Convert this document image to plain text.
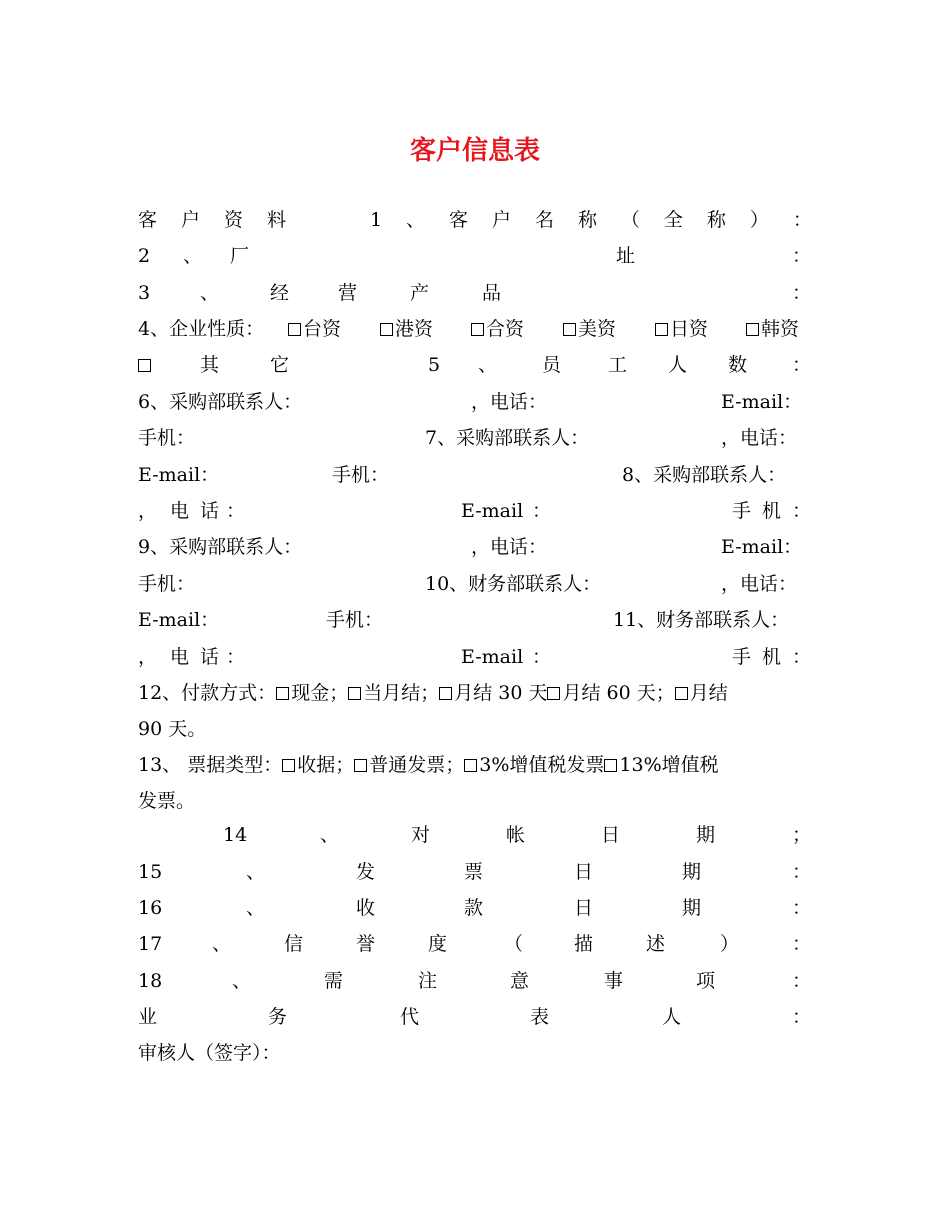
客户信息表
客 户 资 料	1 、 客 户 名 称 （ 全 称 ） ：
2 、 厂	址	：
3	、	经	营	产	品	：
4、企业性质：	台资	港资	合资	美资	日资	韩资
其	它	5 、 员 工 人 数 ：
6、采购部联系人：	，电话：	E-mail：
手机：	7、采购部联系人：	，电话：
E-mail：	手机：	8、采购部联系人：
， 电 话 ：	E-mail ：	手 机 ：
9、采购部联系人：	，电话：	E-mail：
手机：	10、财务部联系人：	，电话：
E-mail：	手机：	11、财务部联系人：
， 电 话 ：	E-mail ：	手 机 ：
12、付款方式： 现金； 当月结； 月结 30 天 月结 60 天； 月结
90 天。
13、 票据类型： 收据； 普通发票； 3%增值税发票 13%增值税
发票。
14	、	对	帐	日	期	；
15	、	发	票	日	期	：
16	、	收	款	日	期	：
17	、	信	誉	度	（	描	述	）	：
18	、	需	注	意	事	项	：
业	务	代	表	人	：
审核人（签字）：
